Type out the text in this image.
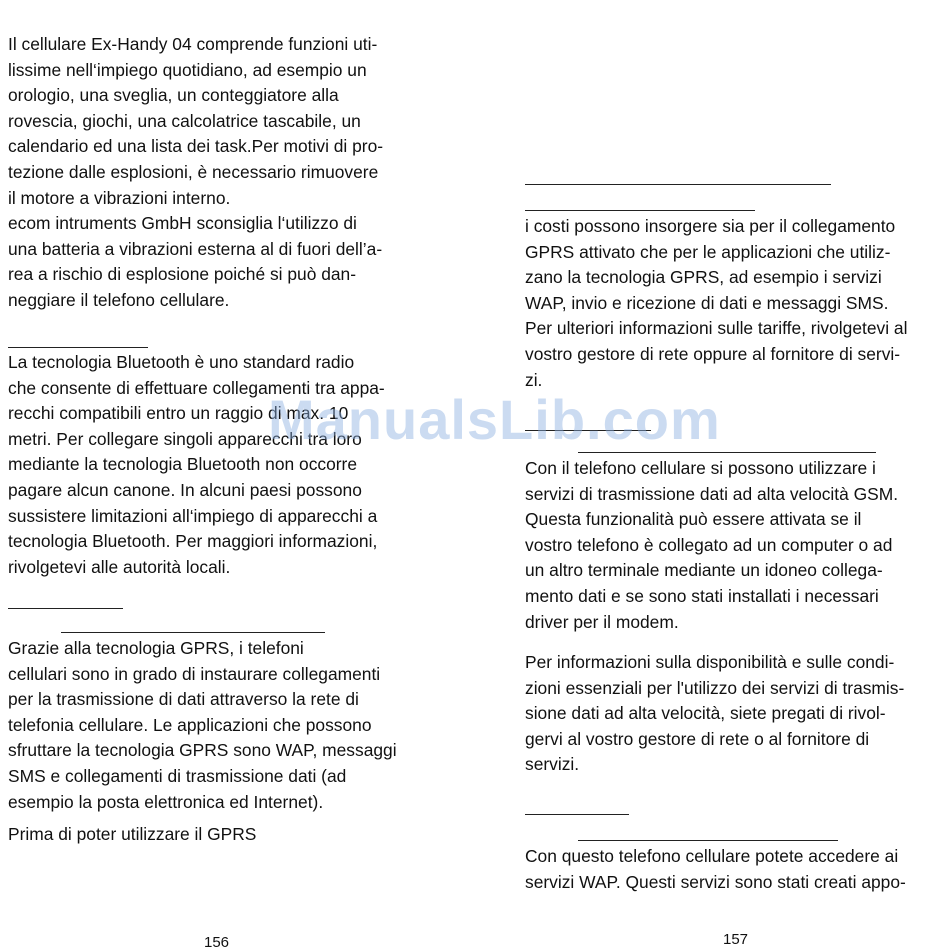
Il cellulare Ex-Handy 04 comprende funzioni uti-
lissime nell‘impiego quotidiano, ad esempio un
orologio, una sveglia, un conteggiatore alla
rovescia, giochi, una calcolatrice tascabile, un
calendario ed una lista dei task.Per motivi di pro-
tezione dalle esplosioni, è necessario rimuovere
il motore a vibrazioni interno.
ecom intruments GmbH sconsiglia l‘utilizzo di
una batteria a vibrazioni esterna al di fuori dell’a-
rea a rischio di esplosione poiché si può dan-
neggiare il telefono cellulare.

La tecnologia Bluetooth è uno standard radio
che consente di effettuare collegamenti tra appa-
recchi compatibili entro un raggio di max. 10
metri. Per collegare singoli apparecchi tra loro
mediante la tecnologia Bluetooth non occorre
pagare alcun canone. In alcuni paesi possono
sussistere limitazioni all‘impiego di apparecchi a
tecnologia Bluetooth. Per maggiori informazioni,
rivolgetevi alle autorità locali.

Grazie alla tecnologia GPRS, i telefoni
cellulari sono in grado di instaurare collegamenti
per la trasmissione di dati attraverso la rete di
telefonia cellulare. Le applicazioni che possono
sfruttare la tecnologia GPRS sono WAP, messaggi
SMS e collegamenti di trasmissione dati (ad
esempio la posta elettronica ed Internet).

Prima di poter utilizzare il GPRS

156

i costi possono insorgere sia per il collegamento
GPRS attivato che per le applicazioni che utiliz-
zano la tecnologia GPRS, ad esempio i servizi
WAP, invio e ricezione di dati e messaggi SMS.
Per ulteriori informazioni sulle tariffe, rivolgetevi al
vostro gestore di rete oppure al fornitore di servi-
zi.

Con il telefono cellulare si possono utilizzare i
servizi di trasmissione dati ad alta velocità GSM.
Questa funzionalità può essere attivata se il
vostro telefono è collegato ad un computer o ad
un altro terminale mediante un idoneo collega-
mento dati e se sono stati installati i necessari
driver per il modem.

Per informazioni sulla disponibilità e sulle condi-
zioni essenziali per l'utilizzo dei servizi di trasmis-
sione dati ad alta velocità, siete pregati di rivol-
gervi al vostro gestore di rete o al fornitore di
servizi.

Con questo telefono cellulare potete accedere ai
servizi WAP. Questi servizi sono stati creati appo-

157
ManualsLib.com
